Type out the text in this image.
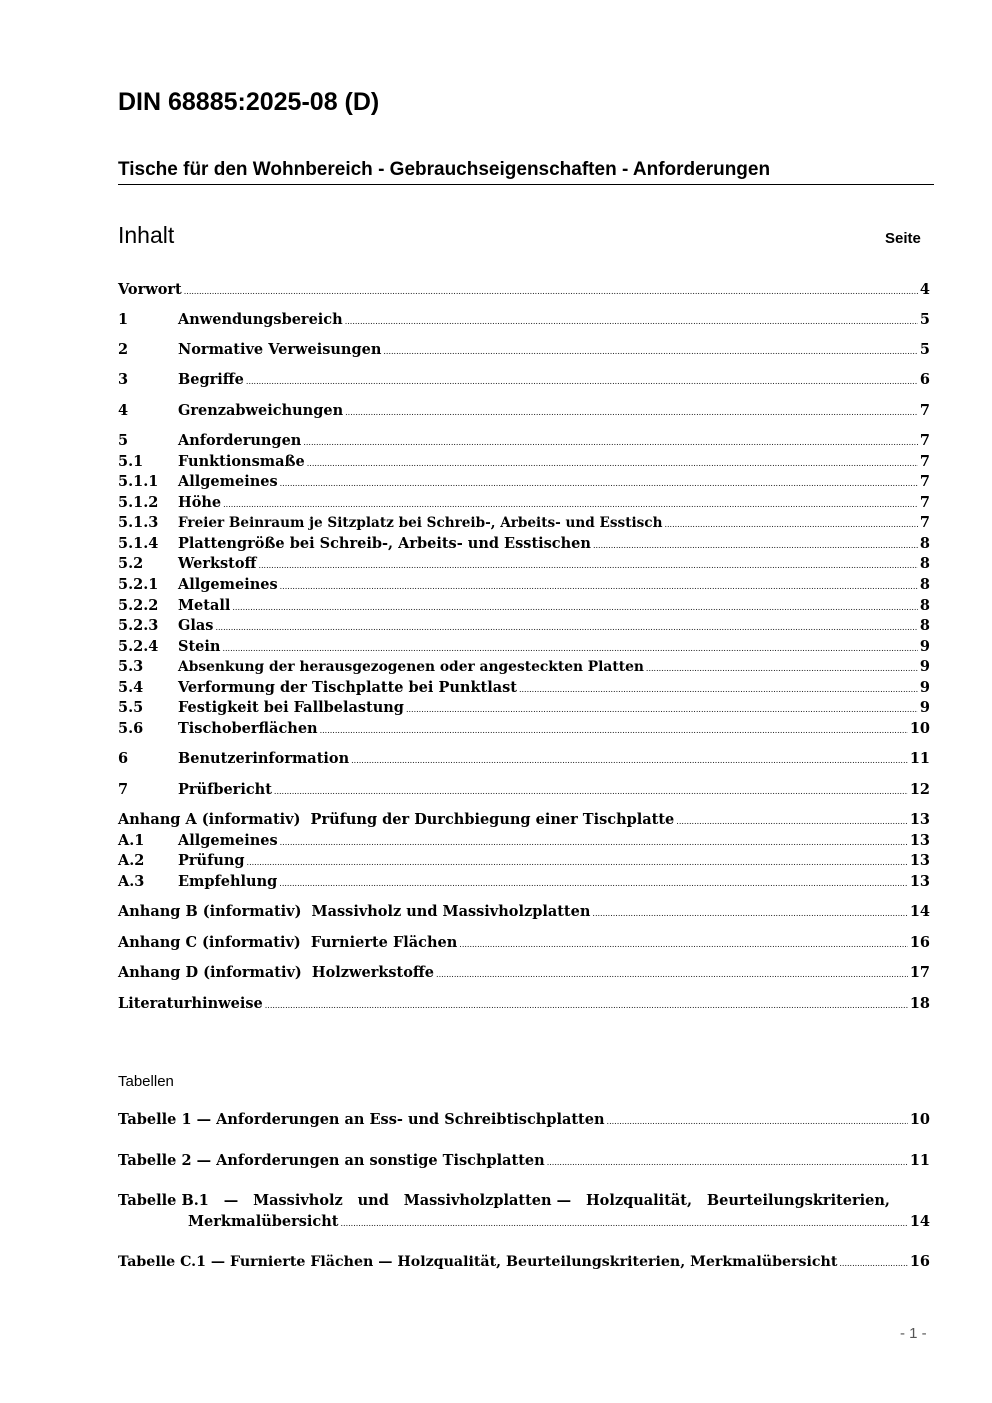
DIN 68885:2025-08 (D)
Tische für den Wohnbereich - Gebrauchseigenschaften - Anforderungen
Inhalt	Seite
Vorwort .....	4
1	Anwendungsbereich .....	5
2	Normative Verweisungen .....	5
3	Begriffe .....	6
4	Grenzabweichungen .....	7
5	Anforderungen .....	7
5.1	Funktionsmaße .....	7
5.1.1	Allgemeines .....	7
5.1.2	Höhe .....	7
5.1.3	Freier Beinraum je Sitzplatz bei Schreib-, Arbeits- und Esstisch .....	7
5.1.4	Plattengröße bei Schreib-, Arbeits- und Esstischen .....	8
5.2	Werkstoff .....	8
5.2.1	Allgemeines .....	8
5.2.2	Metall .....	8
5.2.3	Glas .....	8
5.2.4	Stein .....	9
5.3	Absenkung der herausgezogenen oder angesteckten Platten .....	9
5.4	Verformung der Tischplatte bei Punktlast .....	9
5.5	Festigkeit bei Fallbelastung .....	9
5.6	Tischoberflächen .....	10
6	Benutzerinformation .....	11
7	Prüfbericht .....	12
Anhang A (informativ)  Prüfung der Durchbiegung einer Tischplatte .....	13
A.1	Allgemeines .....	13
A.2	Prüfung .....	13
A.3	Empfehlung .....	13
Anhang B (informativ)  Massivholz und Massivholzplatten .....	14
Anhang C (informativ)  Furnierte Flächen .....	16
Anhang D (informativ)  Holzwerkstoffe .....	17
Literaturhinweise .....	18
Tabellen
Tabelle 1 — Anforderungen an Ess- und Schreibtischplatten .....	10
Tabelle 2 — Anforderungen an sonstige Tischplatten .....	11
Tabelle B.1 — Massivholz und Massivholzplatten — Holzqualität, Beurteilungskriterien,
Merkmalübersicht .....	14
Tabelle C.1 — Furnierte Flächen — Holzqualität, Beurteilungskriterien, Merkmalübersicht .....	16
- 1 -
